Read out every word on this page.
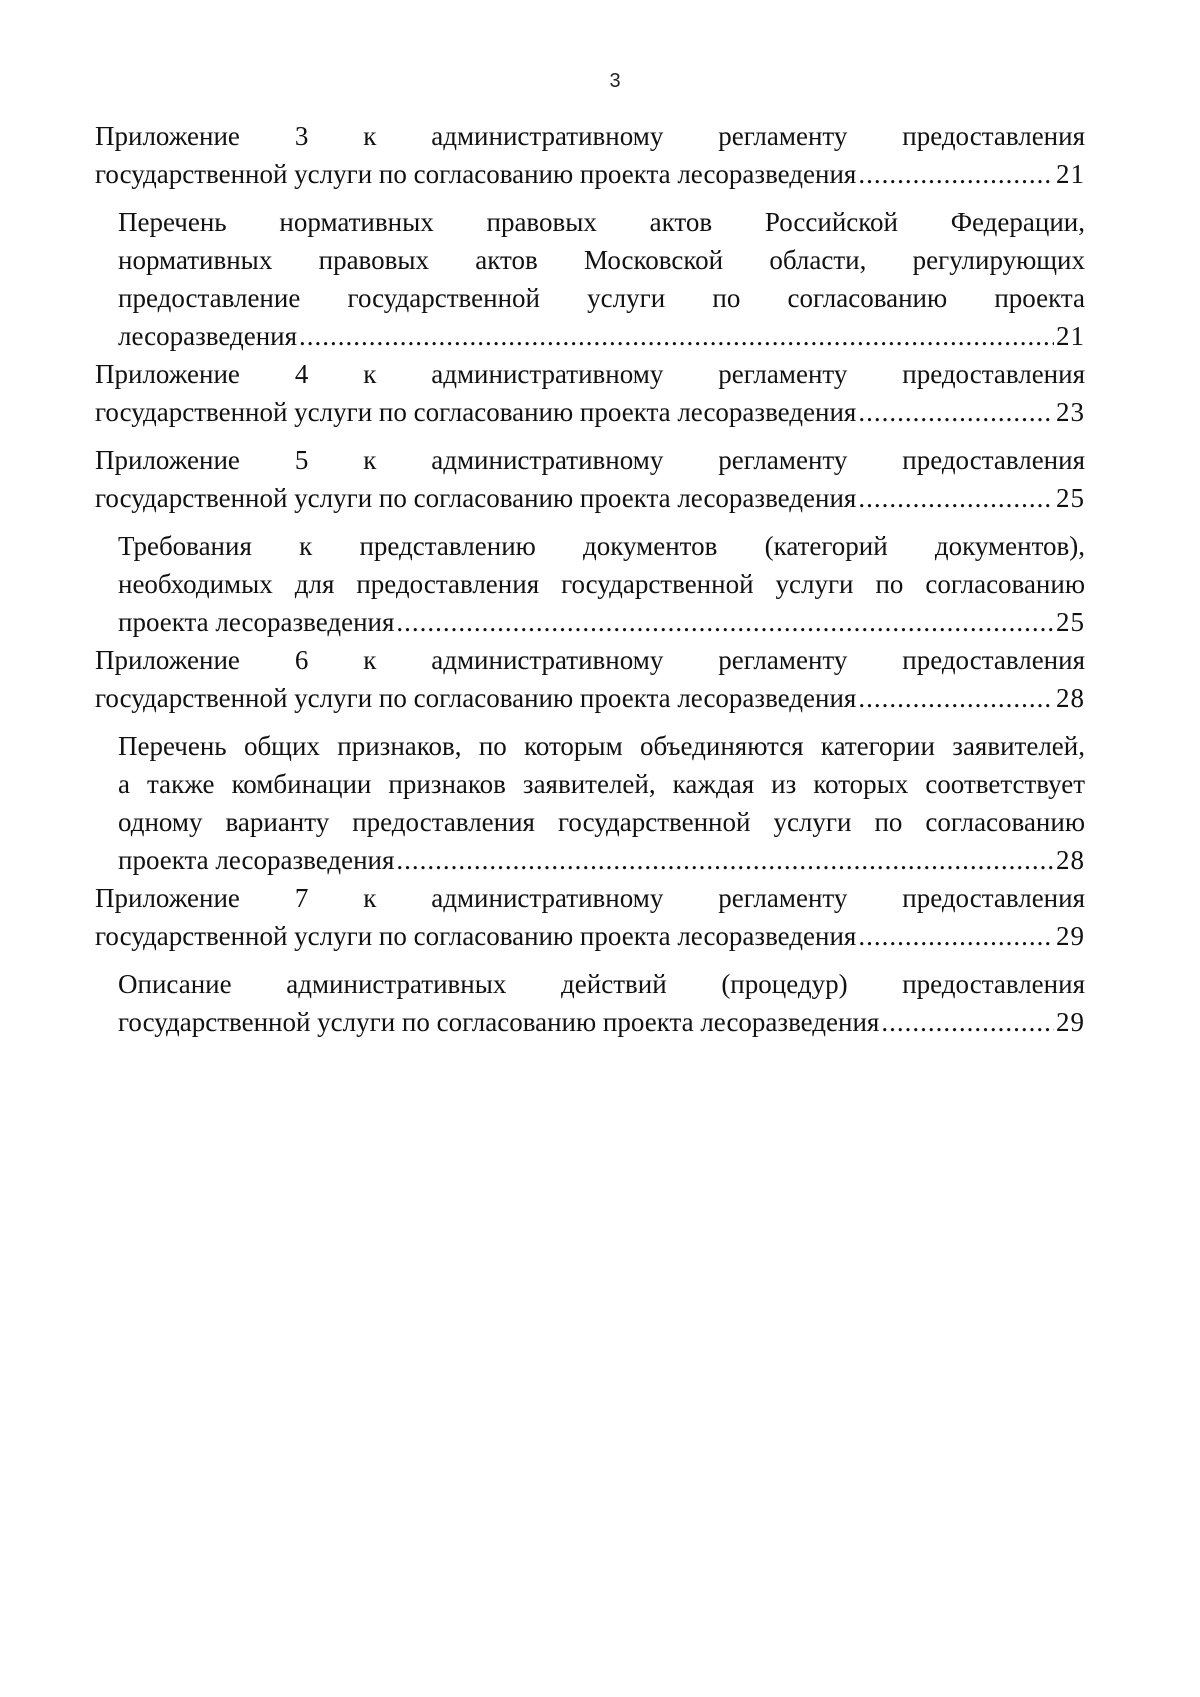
3
Приложение 3 к административному регламенту предоставления
государственной услуги по согласованию проекта лесоразведения .....	21
Перечень нормативных правовых актов Российской Федерации,
нормативных правовых актов Московской области, регулирующих
предоставление государственной услуги по согласованию проекта
лесоразведения .....	21
Приложение 4 к административному регламенту предоставления
государственной услуги по согласованию проекта лесоразведения .....	23
Приложение 5 к административному регламенту предоставления
государственной услуги по согласованию проекта лесоразведения .....	25
Требования к представлению документов (категорий документов),
необходимых для предоставления государственной услуги по согласованию
проекта лесоразведения .....	25
Приложение 6 к административному регламенту предоставления
государственной услуги по согласованию проекта лесоразведения .....	28
Перечень общих признаков, по которым объединяются категории заявителей,
а также комбинации признаков заявителей, каждая из которых соответствует
одному варианту предоставления государственной услуги по согласованию
проекта лесоразведения .....	28
Приложение 7 к административному регламенту предоставления
государственной услуги по согласованию проекта лесоразведения .....	29
Описание административных действий (процедур) предоставления
государственной услуги по согласованию проекта лесоразведения .....	29
